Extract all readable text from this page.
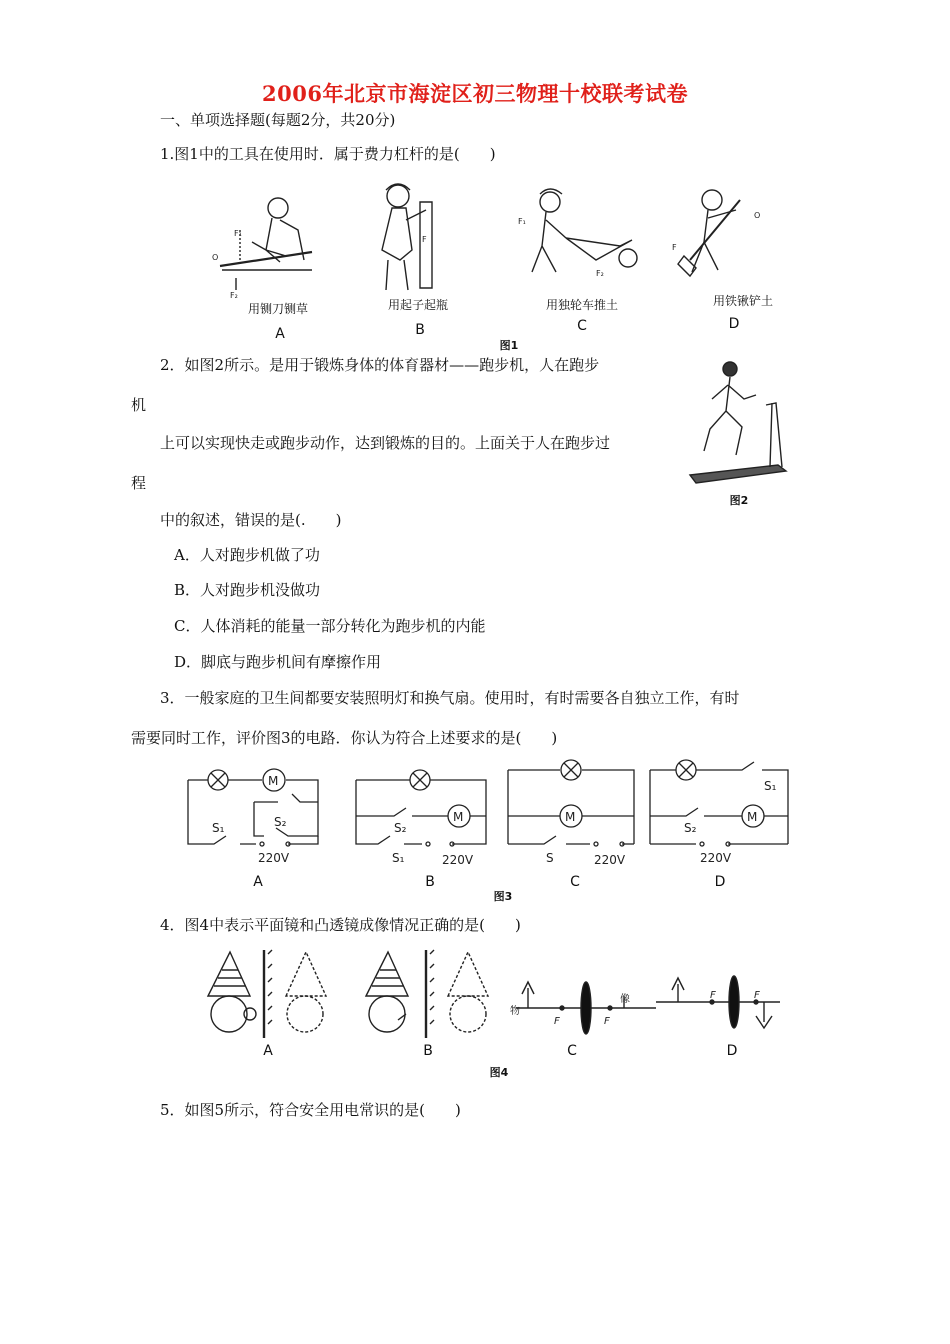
2006年北京市海淀区初三物理十校联考试卷
一、单项选择题(每题2分，共20分)
1.图1中的工具在使用时．属于费力杠杆的是(　　)
F₁
O
F₂
F
F₁
F₂
O
F
用铡刀铡草	用起子起瓶	用独轮车推土	用铁锹铲土
A	B	C	D
图1
2．如图2所示。是用于锻炼身体的体育器材——跑步机，人在跑步
机
上可以实现快走或跑步动作，达到锻炼的目的。上面关于人在跑步过
程
中的叙述，错误的是(.　　)
图2
A．人对跑步机做了功
B．人对跑步机没做功
C．人体消耗的能量一部分转化为跑步机的内能
D．脚底与跑步机间有摩擦作用
3．一般家庭的卫生间都要安装照明灯和换气扇。使用时，有时需要各自独立工作，有时
需要同时工作，评价图3的电路．你认为符合上述要求的是(　　)
M
S₂
S₁
220V
M
S₂
S₁	220V
M
S	220V
M
S₁
S₂
220V
A	B	C	D
图3
4．图4中表示平面镜和凸透镜成像情况正确的是(　　)
F	F
物
像	F	F
A	B	C	D
图4
5．如图5所示，符合安全用电常识的是(　　)
